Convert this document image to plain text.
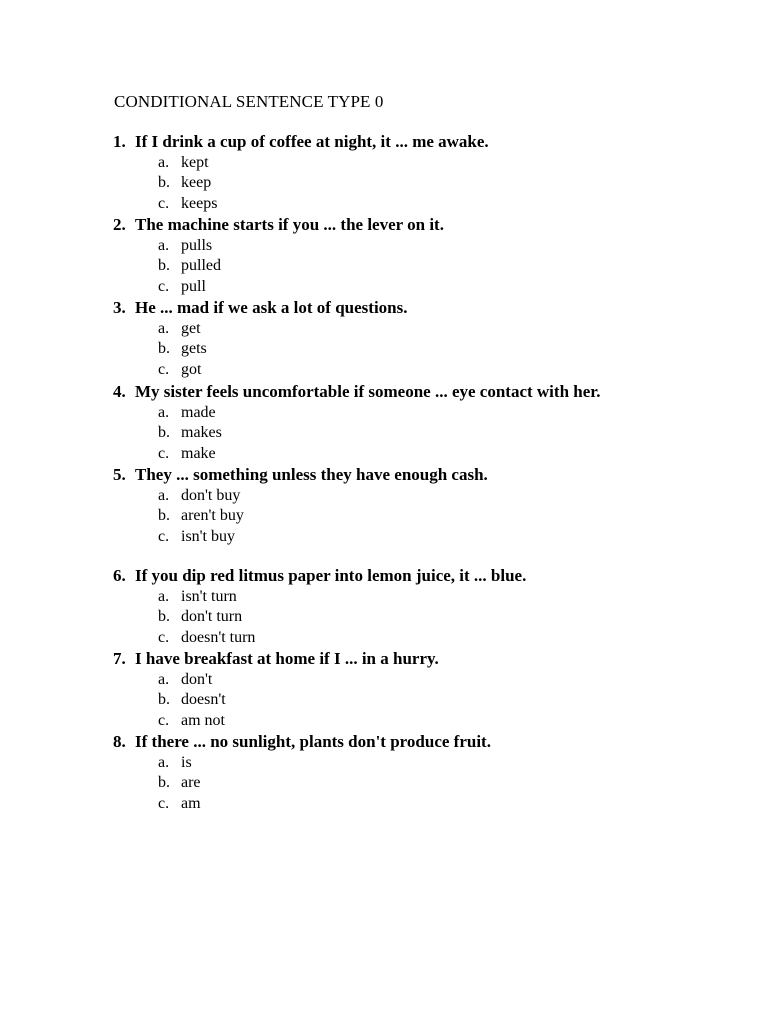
CONDITIONAL SENTENCE TYPE 0
1. If I drink a cup of coffee at night, it ... me awake.
a. kept
b. keep
c. keeps
2. The machine starts if you ... the lever on it.
a. pulls
b. pulled
c. pull
3. He ... mad if we ask a lot of questions.
a. get
b. gets
c. got
4. My sister feels uncomfortable if someone ... eye contact with her.
a. made
b. makes
c. make
5. They ... something unless they have enough cash.
a. don't buy
b. aren't buy
c. isn't buy
6. If you dip red litmus paper into lemon juice, it ... blue.
a. isn't turn
b. don't turn
c. doesn't turn
7. I have breakfast at home if I ... in a hurry.
a. don't
b. doesn't
c. am not
8. If there ... no sunlight, plants don't produce fruit.
a. is
b. are
c. am
